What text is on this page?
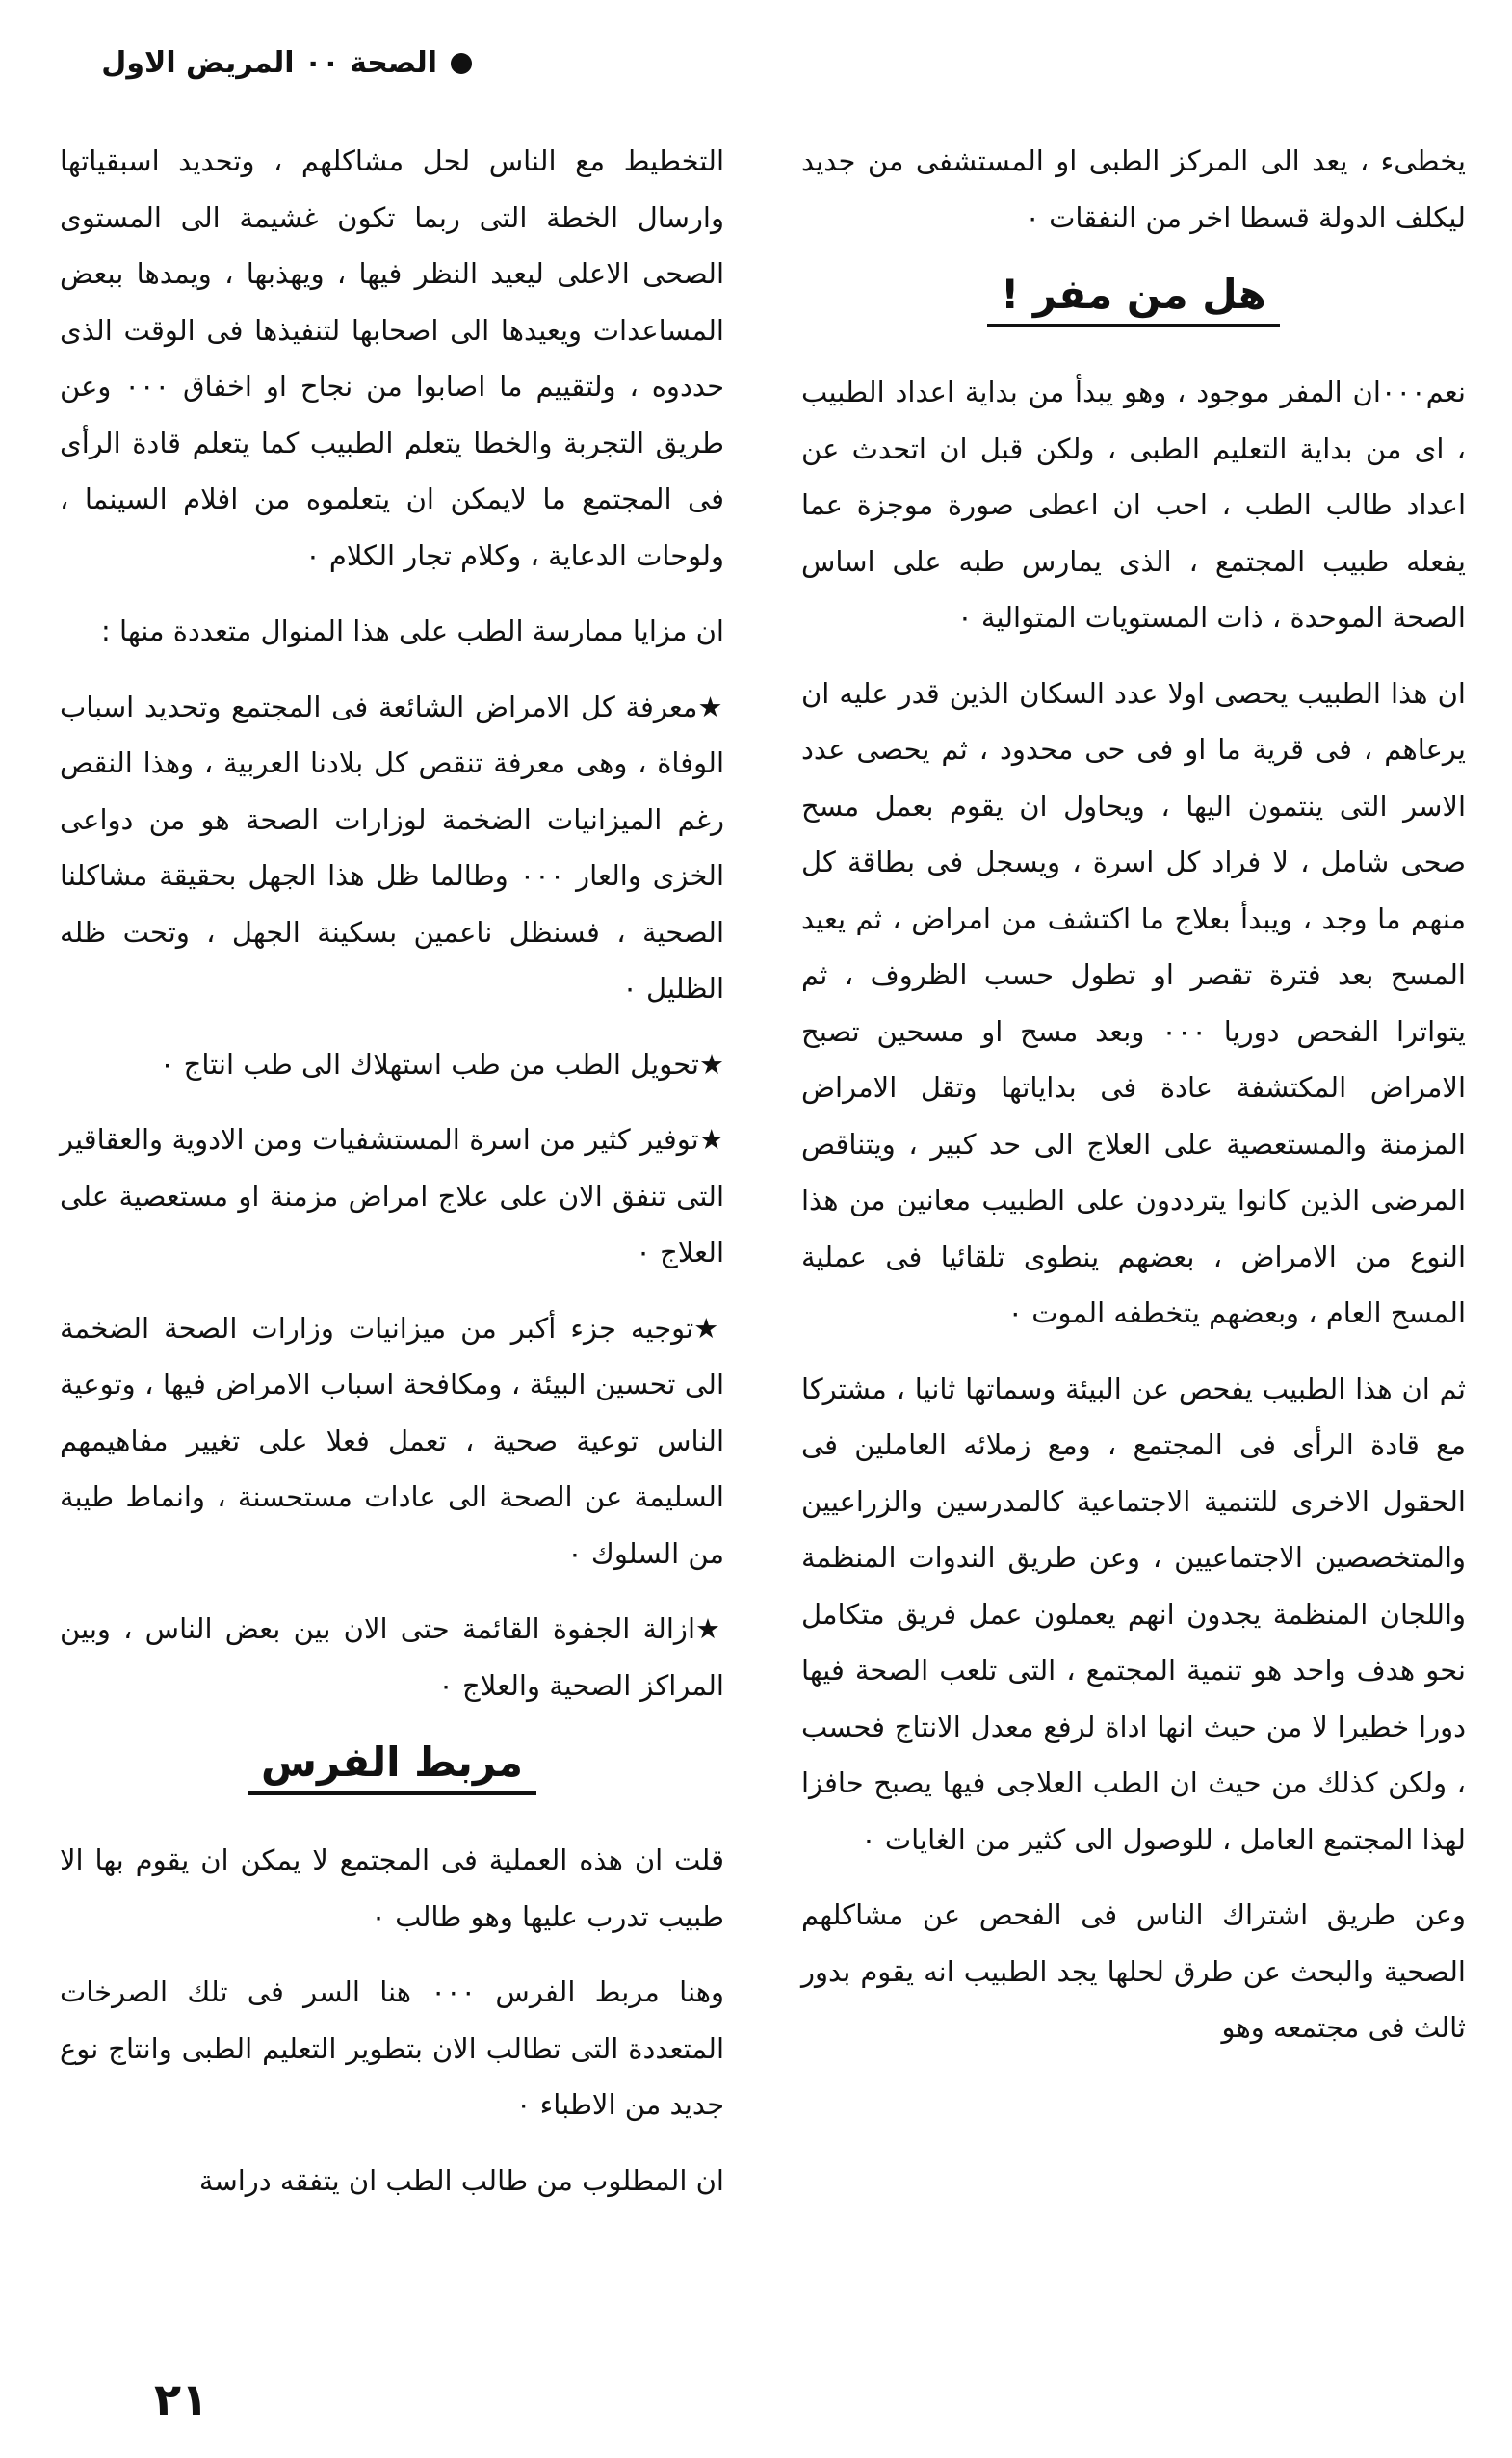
الصحة ٠٠ المريض الاول

يخطىء ، يعد الى المركز الطبى او المستشفى من جديد ليكلف الدولة قسطا اخر من النفقات ٠

هل من مفر !

نعم٠٠٠ان المفر موجود ، وهو يبدأ من بداية اعداد الطبيب ، اى من بداية التعليم الطبى ، ولكن قبل ان اتحدث عن اعداد طالب الطب ، احب ان اعطى صورة موجزة عما يفعله طبيب المجتمع ، الذى يمارس طبه على اساس الصحة الموحدة ، ذات المستويات المتوالية ٠

ان هذا الطبيب يحصى اولا عدد السكان الذين قدر عليه ان يرعاهم ، فى قرية ما او فى حى محدود ، ثم يحصى عدد الاسر التى ينتمون اليها ، ويحاول ان يقوم بعمل مسح صحى شامل ، لا فراد كل اسرة ، ويسجل فى بطاقة كل منهم ما وجد ، ويبدأ بعلاج ما اكتشف من امراض ، ثم يعيد المسح بعد فترة تقصر او تطول حسب الظروف ، ثم يتواترا الفحص دوريا ٠٠٠ وبعد مسح او مسحين تصبح الامراض المكتشفة عادة فى بداياتها وتقل الامراض المزمنة والمستعصية على العلاج الى حد كبير ، ويتناقص المرضى الذين كانوا يترددون على الطبيب معانين من هذا النوع من الامراض ، بعضهم ينطوى تلقائيا فى عملية المسح العام ، وبعضهم يتخطفه الموت ٠

ثم ان هذا الطبيب يفحص عن البيئة وسماتها ثانيا ، مشتركا مع قادة الرأى فى المجتمع ، ومع زملائه العاملين فى الحقول الاخرى للتنمية الاجتماعية كالمدرسين والزراعيين والمتخصصين الاجتماعيين ، وعن طريق الندوات المنظمة واللجان المنظمة يجدون انهم يعملون عمل فريق متكامل نحو هدف واحد هو تنمية المجتمع ، التى تلعب الصحة فيها دورا خطيرا لا من حيث انها اداة لرفع معدل الانتاج فحسب ، ولكن كذلك من حيث ان الطب العلاجى فيها يصبح حافزا لهذا المجتمع العامل ، للوصول الى كثير من الغايات ٠

وعن طريق اشتراك الناس فى الفحص عن مشاكلهم الصحية والبحث عن طرق لحلها يجد الطبيب انه يقوم بدور ثالث فى مجتمعه وهو

التخطيط مع الناس لحل مشاكلهم ، وتحديد اسبقياتها وارسال الخطة التى ربما تكون غشيمة الى المستوى الصحى الاعلى ليعيد النظر فيها ، ويهذبها ، ويمدها ببعض المساعدات ويعيدها الى اصحابها لتنفيذها فى الوقت الذى حددوه ، ولتقييم ما اصابوا من نجاح او اخفاق ٠٠٠ وعن طريق التجربة والخطا يتعلم الطبيب كما يتعلم قادة الرأى فى المجتمع ما لايمكن ان يتعلموه من افلام السينما ، ولوحات الدعاية ، وكلام تجار الكلام ٠

ان مزايا ممارسة الطب على هذا المنوال متعددة منها :

★ معرفة كل الامراض الشائعة فى المجتمع وتحديد اسباب الوفاة ، وهى معرفة تنقص كل بلادنا العربية ، وهذا النقص رغم الميزانيات الضخمة لوزارات الصحة هو من دواعى الخزى والعار ٠٠٠ وطالما ظل هذا الجهل بحقيقة مشاكلنا الصحية ، فسنظل ناعمين بسكينة الجهل ، وتحت ظله الظليل ٠

★ تحويل الطب من طب استهلاك الى طب انتاج ٠

★ توفير كثير من اسرة المستشفيات ومن الادوية والعقاقير التى تنفق الان على علاج امراض مزمنة او مستعصية على العلاج ٠

★ توجيه جزء أكبر من ميزانيات وزارات الصحة الضخمة الى تحسين البيئة ، ومكافحة اسباب الامراض فيها ، وتوعية الناس توعية صحية ، تعمل فعلا على تغيير مفاهيمهم السليمة عن الصحة الى عادات مستحسنة ، وانماط طيبة من السلوك ٠

★ ازالة الجفوة القائمة حتى الان بين بعض الناس ، وبين المراكز الصحية والعلاج ٠

مربط الفرس

قلت ان هذه العملية فى المجتمع لا يمكن ان يقوم بها الا طبيب تدرب عليها وهو طالب ٠

وهنا مربط الفرس ٠٠٠ هنا السر فى تلك الصرخات المتعددة التى تطالب الان بتطوير التعليم الطبى وانتاج نوع جديد من الاطباء ٠

ان المطلوب من طالب الطب ان يتفقه دراسة

٢١
